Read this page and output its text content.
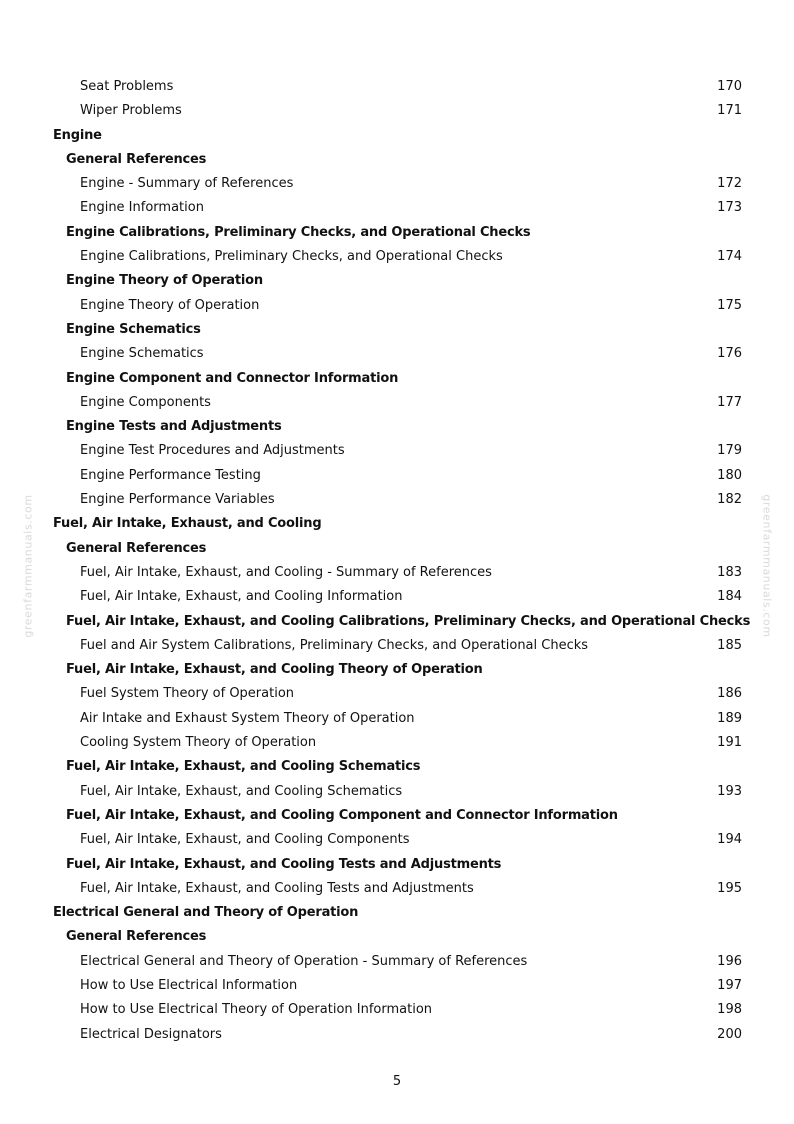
greenfarmmanuals.com	greenfarmmanuals.com
Seat Problems	170
Wiper Problems	171
Engine
General References
Engine - Summary of References	172
Engine Information	173
Engine Calibrations, Preliminary Checks, and Operational Checks
Engine Calibrations, Preliminary Checks, and Operational Checks	174
Engine Theory of Operation
Engine Theory of Operation	175
Engine Schematics
Engine Schematics	176
Engine Component and Connector Information
Engine Components	177
Engine Tests and Adjustments
Engine Test Procedures and Adjustments	179
Engine Performance Testing	180
Engine Performance Variables	182
Fuel, Air Intake, Exhaust, and Cooling
General References
Fuel, Air Intake, Exhaust, and Cooling - Summary of References	183
Fuel, Air Intake, Exhaust, and Cooling Information	184
Fuel, Air Intake, Exhaust, and Cooling Calibrations, Preliminary Checks, and Operational Checks
Fuel and Air System Calibrations, Preliminary Checks, and Operational Checks	185
Fuel, Air Intake, Exhaust, and Cooling Theory of Operation
Fuel System Theory of Operation	186
Air Intake and Exhaust System Theory of Operation	189
Cooling System Theory of Operation	191
Fuel, Air Intake, Exhaust, and Cooling Schematics
Fuel, Air Intake, Exhaust, and Cooling Schematics	193
Fuel, Air Intake, Exhaust, and Cooling Component and Connector Information
Fuel, Air Intake, Exhaust, and Cooling Components	194
Fuel, Air Intake, Exhaust, and Cooling Tests and Adjustments
Fuel, Air Intake, Exhaust, and Cooling Tests and Adjustments	195
Electrical General and Theory of Operation
General References
Electrical General and Theory of Operation - Summary of References	196
How to Use Electrical Information	197
How to Use Electrical Theory of Operation Information	198
Electrical Designators	200
5
